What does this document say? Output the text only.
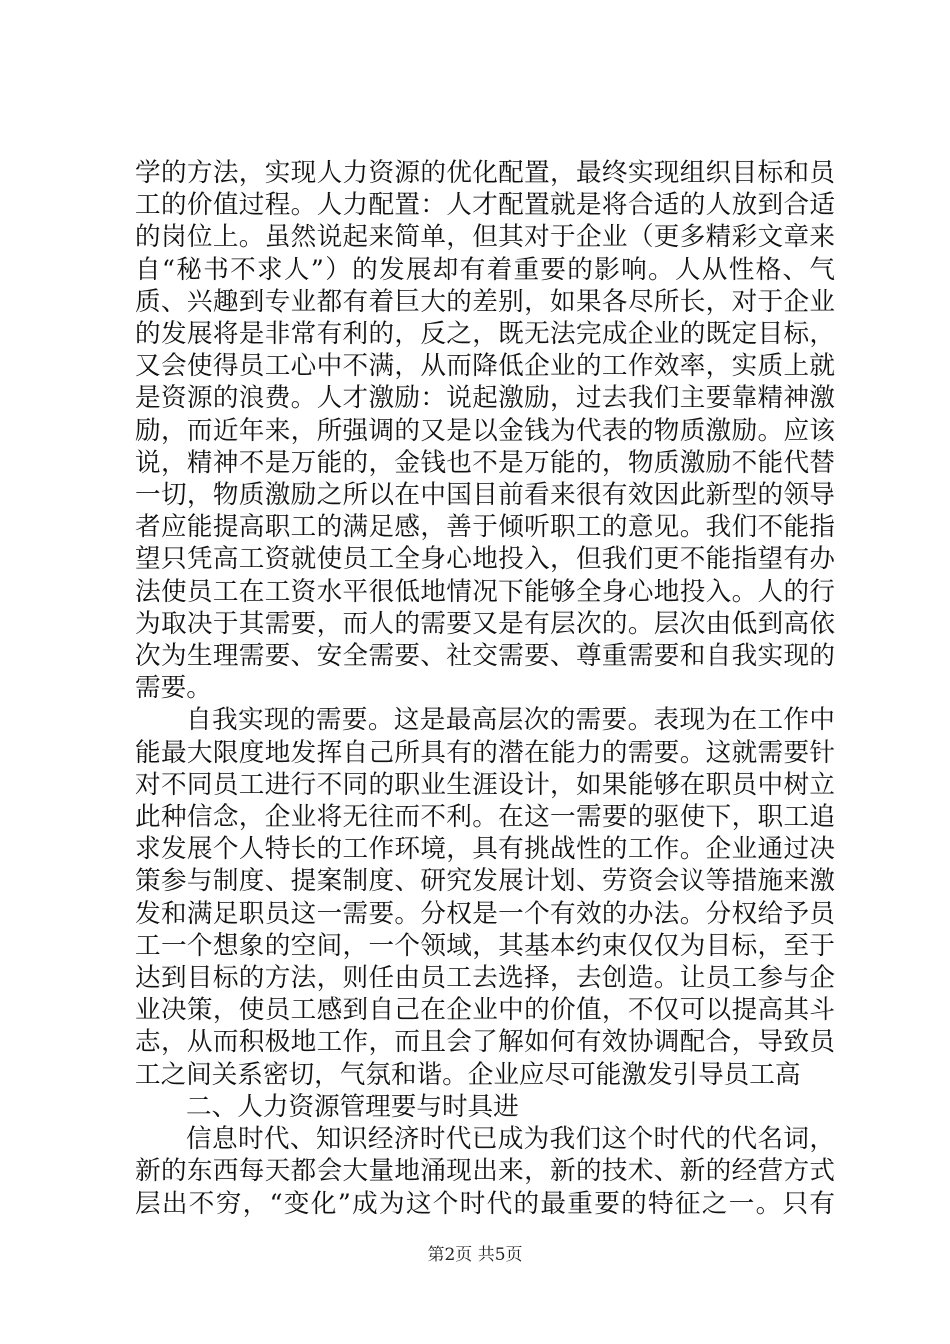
学的方法，实现人力资源的优化配置，最终实现组织目标和员
工的价值过程。人力配置：人才配置就是将合适的人放到合适
的岗位上。虽然说起来简单，但其对于企业（更多精彩文章来
自“秘书不求人”）的发展却有着重要的影响。人从性格、气
质、兴趣到专业都有着巨大的差别，如果各尽所长，对于企业
的发展将是非常有利的，反之，既无法完成企业的既定目标，
又会使得员工心中不满，从而降低企业的工作效率，实质上就
是资源的浪费。人才激励：说起激励，过去我们主要靠精神激
励，而近年来，所强调的又是以金钱为代表的物质激励。应该
说，精神不是万能的，金钱也不是万能的，物质激励不能代替
一切，物质激励之所以在中国目前看来很有效因此新型的领导
者应能提高职工的满足感，善于倾听职工的意见。我们不能指
望只凭高工资就使员工全身心地投入，但我们更不能指望有办
法使员工在工资水平很低地情况下能够全身心地投入。人的行
为取决于其需要，而人的需要又是有层次的。层次由低到高依
次为生理需要、安全需要、社交需要、尊重需要和自我实现的
需要。
自我实现的需要。这是最高层次的需要。表现为在工作中
能最大限度地发挥自己所具有的潜在能力的需要。这就需要针
对不同员工进行不同的职业生涯设计，如果能够在职员中树立
此种信念，企业将无往而不利。在这一需要的驱使下，职工追
求发展个人特长的工作环境，具有挑战性的工作。企业通过决
策参与制度、提案制度、研究发展计划、劳资会议等措施来激
发和满足职员这一需要。分权是一个有效的办法。分权给予员
工一个想象的空间，一个领域，其基本约束仅仅为目标，至于
达到目标的方法，则任由员工去选择，去创造。让员工参与企
业决策，使员工感到自己在企业中的价值，不仅可以提高其斗
志，从而积极地工作，而且会了解如何有效协调配合，导致员
工之间关系密切，气氛和谐。企业应尽可能激发引导员工高
二、人力资源管理要与时具进
信息时代、知识经济时代已成为我们这个时代的代名词，
新的东西每天都会大量地涌现出来，新的技术、新的经营方式
层出不穷，“变化”成为这个时代的最重要的特征之一。只有
第2页 共5页
